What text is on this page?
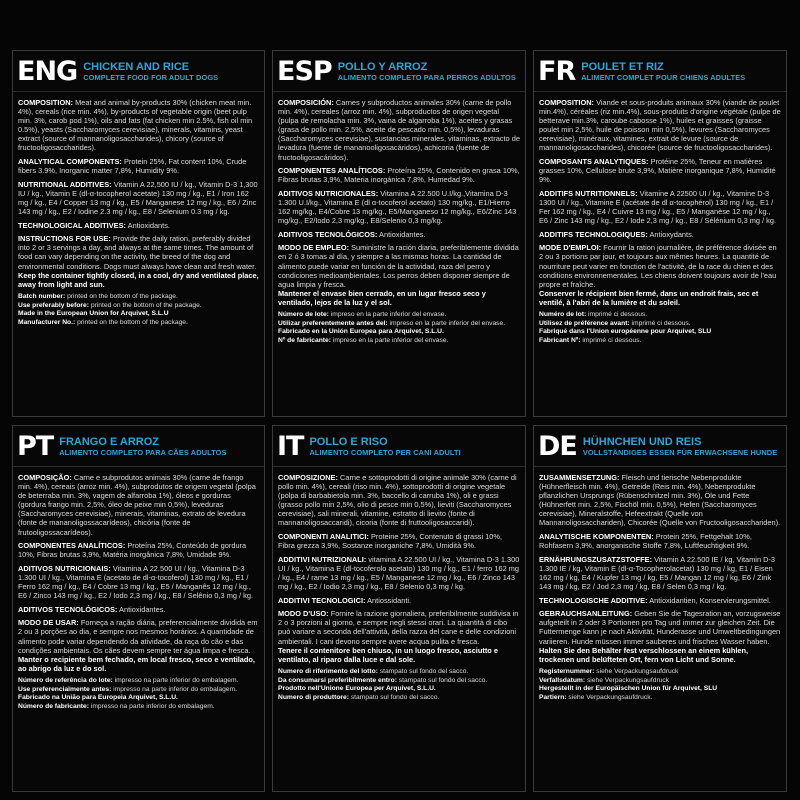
ENG CHICKEN AND RICE
COMPLETE FOOD FOR ADULT DOGS

COMPOSITION: Meat and animal by-products 30% (chicken meat min. 4%), cereals (rice min. 4%), by-products of vegetable origin (beet pulp min. 3%, carob pod 1%), oils and fats (fat chicken min 2.5%, fish oil min 0.5%), yeasts (Saccharomyces cerevisiae), minerals, vitamins, yeast extract (source of mannanoligosaccharides), chicory (source of fructooligosaccharides).

ANALYTICAL COMPONENTS: Protein 25%, Fat content 10%, Crude fibers 3.9%, Inorganic matter 7,8%, Humidity 9%.

NUTRITIONAL ADDITIVES: Vitamin A 22,500 IU / kg., Vitamin D-3 1,300 IU / kg., Vitamin E (dl-α-tocopherol acetate) 130 mg / kg., E1 / Iron 162 mg / kg., E4 / Copper 13 mg / kg., E5 / Manganese 12 mg / kg., E6 / Zinc 143 mg / kg., E2 / Iodine 2.3 mg / kg., E8 / Selenium 0.3 mg / kg.

TECHNOLOGICAL ADDITIVES: Antioxidants.

INSTRUCTIONS FOR USE: Provide the daily ration, preferably divided into 2 or 3 servings a day, and always at the same times. The amount of food can vary depending on the activity, the breed of the dog and environmental conditions. Dogs must always have clean and fresh water.
Keep the container tightly closed, in a cool, dry and ventilated place, away from light and sun.

Batch number: printed on the bottom of the package.

Use preferably before: printed on the bottom of the package.

Made in the European Union for Arquivet, S.L.U

Manufacturer No.: printed on the bottom of the package.

ESP POLLO Y ARROZ
ALIMENTO COMPLETO PARA PERROS ADULTOS

COMPOSICIÓN: Carnes y subproductos animales 30% (carne de pollo min. 4%), cereales (arroz min. 4%), subproductos de origen vegetal (pulpa de remolacha min. 3%, vaina de algarroba 1%), aceites y grasas (grasa de pollo min. 2,5%, aceite de pescado min. 0,5%), levaduras (Saccharomyces cerevisiae), sustancias minerales, vitaminas, extracto de levadura (fuente de mananooligosacáridos), achicoria (fuente de fructooligosacáridos).

COMPONENTES ANALÍTICOS: Proteína 25%, Contenido en grasa 10%, Fibras brutas 3,9%, Materia inorgánica 7,8%, Humedad 9%.

ADITIVOS NUTRICIONALES: Vitamina A 22.500 U.I/kg.,Vitamina D-3 1.300 U.I/kg., Vitamina E (dl α-tocoferol acetato) 130 mg/kg., E1/Hierro 162 mg/kg., E4/Cobre 13 mg/kg., E5/Manganeso 12 mg/kg., E6/Zinc 143 mg/kg., E2/Iodo 2,3 mg/kg., E8/Selenio 0,3 mg/kg.

ADITIVOS TECNOLÓGICOS: Antioxidantes.

MODO DE EMPLEO: Suministre la ración diaria, preferiblemente dividida en 2 ó 3 tomas al día, y siempre a las mismas horas. La cantidad de alimento puede variar en función de la actividad, raza del perro y condiciones medioambientales. Los perros deben disponer siempre de agua limpia y fresca.
Mantener el envase bien cerrado, en un lugar fresco seco y ventilado, lejos de la luz y el sol.

Número de lote: impreso en la parte inferior del envase.

Utilizar preferentemente antes del: impreso en la parte inferior del envase.

Fabricado en la Unión Europea para Arquivet, S.L.U.

Nº de fabricante: impreso en la parte inferior del envase.

FR POULET ET RIZ
ALIMENT COMPLET POUR CHIENS ADULTES

COMPOSITION: Viande et sous-produits animaux 30% (viande de poulet min.4%), céréales (riz min.4%), sous-produits d'origine végétale (pulpe de betterave min.3%, caroube cabosse 1%), huiles et graisses (graisse poulet min 2,5%, huile de poisson min 0,5%), levures (Saccharomyces cerevisiae), minéraux, vitamines, extrait de levure (source de mannanoligosaccharides), chicorée (source de fructooligosaccharides).

COMPOSANTS ANALYTIQUES: Protéine 25%, Teneur en matières grasses 10%, Cellulose brute 3,9%, Matière inorganique 7,8%, Humidité 9%.

ADDITIFS NUTRITIONNELS: Vitamine A 22500 UI / kg., Vitamine D-3 1300 UI / kg., Vitamine E (acétate de dl α-tocophérol) 130 mg / kg., E1 / Fer 162 mg / kg., E4 / Cuivre 13 mg / kg., E5 / Manganèse 12 mg / kg., E6 / Zinc 143 mg / kg., E2 / Iode 2,3 mg / kg., E8 / Sélénium 0,3 mg / kg.

ADDITIFS TECHNOLOGIQUES: Antioxydants.

MODE D'EMPLOI: Fournir la ration journalière, de préférence divisée en 2 ou 3 portions par jour, et toujours aux mêmes heures. La quantité de nourriture peut varier en fonction de l'activité, de la race du chien et des conditions environnementales. Les chiens doivent toujours avoir de l'eau propre et fraîche.
Conserver le récipient bien fermé, dans un endroit frais, sec et ventilé, à l'abri de la lumière et du soleil.

Numéro de lot: imprimé ci dessous.

Utilisez de préférence avant: imprimé ci dessous.

Fabriqué dans l'Union européenne pour Arquivet, SLU

Fabricant Nº: imprimé ci dessous.

PT FRANGO E ARROZ
ALIMENTO COMPLETO PARA CÃES ADULTOS

COMPOSIÇÃO: Carne e subprodutos animais 30% (carne de frango min. 4%), cereais (arroz min. 4%), subprodutos de origem vegetal (polpa de beterraba min. 3%, vagem de alfarroba 1%), óleos e gorduras (gordura frango min. 2,5%, óleo de peixe min 0,5%), leveduras (Saccharomyces cerevisiae), minerais, vitaminas, extrato de levedura (fonte de mananoligossacarídeos), chicória (fonte de frutooligossacarídeos).

COMPONENTES ANALÍTICOS: Proteína 25%, Conteúdo de gordura 10%, Fibras brutas 3,9%, Matéria inorgânica 7,8%, Umidade 9%.

ADITIVOS NUTRICIONAIS: Vitamina A 22.500 UI / kg., Vitamina D-3 1.300 UI / kg., Vitamina E (acetato de dl-α-tocoferol) 130 mg / kg., E1 / Ferro 162 mg / kg., E4 / Cobre 13 mg / kg., E5 / Manganês 12 mg / kg., E6 / Zinco 143 mg / kg., E2 / Iodo 2,3 mg / kg., E8 / Selênio 0,3 mg / kg.

ADITIVOS TECNOLÓGICOS: Antioxidantes.

MODO DE USAR: Forneça a ração diária, preferencialmente dividida em 2 ou 3 porções ao dia, e sempre nos mesmos horários. A quantidade de alimento pode variar dependendo da atividade, da raça do cão e das condições ambientais. Os cães devem sempre ter água limpa e fresca.
Manter o recipiente bem fechado, em local fresco, seco e ventilado, ao abrigo da luz e do sol.

Número de referência do lote: impresso na parte inferior do embalagem.

Use preferencialmente antes: impresso na parte inferior do embalagem.

Fabricado na União para Europeia Arquivet, S.L.U.

Número de fabricante: impresso na parte inferior do embalagem.

IT POLLO E RISO
ALIMENTO COMPLETO PER CANI ADULTI

COMPOSIZIONE: Carne e sottoprodotti di origine animale 30% (carne di pollo min. 4%), cereali (riso min. 4%), sottoprodotti di origine vegetale (polpa di barbabietola min. 3%, baccello di carruba 1%), oli e grassi (grasso pollo min 2,5%, olio di pesce min 0,5%), lieviti (Saccharomyces cerevisiae), sali minerali, vitamine, estratto di lievito (fonte di mannanoligosaccaridi), cicoria (fonte di fruttooligosaccaridi).

COMPONENTI ANALITICI: Proteine 25%, Contenuto di grassi 10%, Fibra grezza 3,9%, Sostanze inorganiche 7,8%, Umidità 9%.

ADDITIVI NUTRIZIONALI: vitamina A 22.500 UI / kg., Vitamina D-3 1.300 UI / kg., Vitamina E (dl-tocoferolo acetato) 130 mg / kg., E1 / ferro 162 mg / kg., E4 / rame 13 mg / kg., E5 / Manganese 12 mg / kg., E6 / Zinco 143 mg / kg., E2 / Iodio 2,3 mg / kg., E8 / Selenio 0,3 mg / kg.

ADDITIVI TECNOLOGICI: Antiossidanti.

MODO D'USO: Fornire la razione giornaliera, preferibilmente suddivisa in 2 o 3 porzioni al giorno, e sempre negli stessi orari. La quantità di cibo può variare a seconda dell'attività, della razza del cane e delle condizioni ambientali. I cani devono sempre avere acqua pulita e fresca.
Tenere il contenitore ben chiuso, in un luogo fresco, asciutto e ventilato, al riparo dalla luce e dal sole.

Numero di riferimento del lotto: stampato sul fondo del sacco.

Da consumarsi preferibilmente entro: stampato sul fondo del sacco.

Prodotto nell'Unione Europea per Arquivet, S.L.U.

Numero di produttore: stampato sul fondo del sacco.

DE HÜHNCHEN UND REIS
VOLLSTÄNDIGES ESSEN FÜR ERWACHSENE HUNDE

ZUSAMMENSETZUNG: Fleisch und tierische Nebenprodukte (Hühnerfleisch min. 4%), Getreide (Reis min. 4%), Nebenprodukte pflanzlichen Ursprungs (Rübenschnitzel min. 3%), Öle und Fette (Hühnerfett min. 2,5%, Fischöl min. 0,5%), Hefen (Saccharomyces cerevisiae), Mineralstoffe, Hefeextrakt (Quelle von Mannanoligosacchariden), Chicorée (Quelle von Fructooligosacchariden).

ANALYTISCHE KOMPONENTEN: Protein 25%, Fettgehalt 10%, Rohfasern 3,9%, anorganische Stoffe 7,8%, Luftfeuchtigkeit 9%.

ERNÄHRUNGSZUSATZSTOFFE: Vitamin A 22.500 IE / kg, Vitamin D-3 1.300 IE / kg, Vitamin E (dl-α-Tocopherolacetat) 130 mg / kg, E1 / Eisen 162 mg / kg, E4 / Kupfer 13 mg / kg, E5 / Mangan 12 mg / kg, E6 / Zink 143 mg / kg, E2 / Jod 2,3 mg / kg, E8 / Selen 0,3 mg / kg.

TECHNOLOGISCHE ADDITIVE: Antioxidantien, Konservierungsmittel.

GEBRAUCHSANLEITUNG: Geben Sie die Tagesration an, vorzugsweise aufgeteilt in 2 oder 3 Portionen pro Tag und immer zur gleichen Zeit. Die Futtermenge kann je nach Aktivität, Hunderasse und Umweltbedingungen variieren. Hunde müssen immer sauberes und frisches Wasser haben. Halten Sie den Behälter fest verschlossen an einem kühlen, trockenen und belüfteten Ort, fern von Licht und Sonne.

Registernummer: siehe Verpackungsaufdruck

Verfallsdatum: siehe Verpackungsaufdruck

Hergestellt in der Europäischen Union für Arquivet, SLU

Partiern: siehe Verpackungsaufdruck.
